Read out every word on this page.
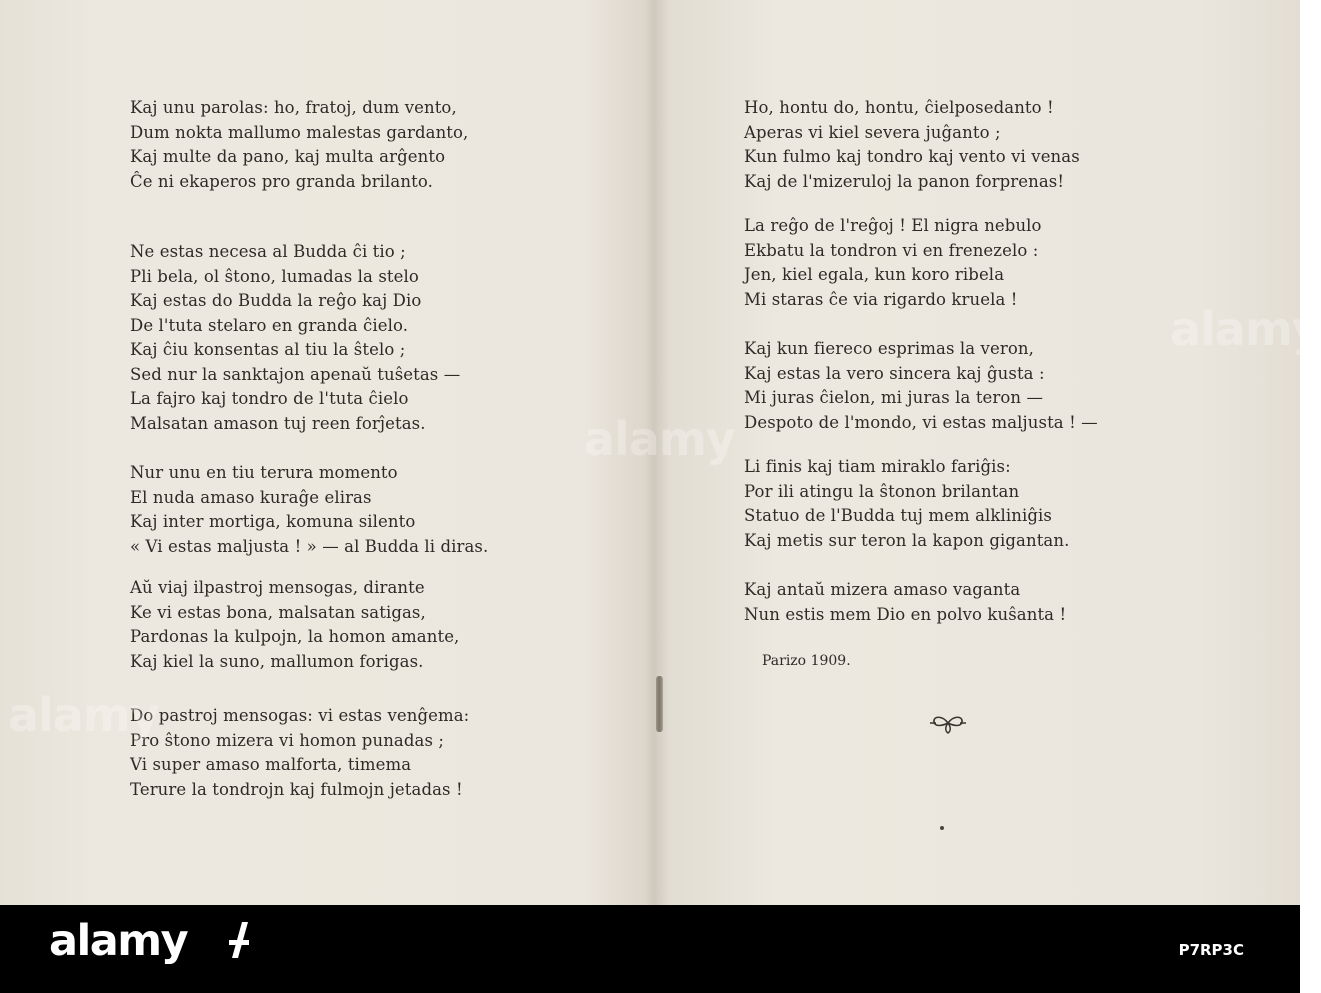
Kaj unu parolas: ho, fratoj, dum vento,
Dum nokta mallumo malestas gardanto,
Kaj multe da pano, kaj multa arĝento
Ĉe ni ekaperos pro granda brilanto.
Ne estas necesa al Budda ĉi tio ;
Pli bela, ol ŝtono, lumadas la stelo
Kaj estas do Budda la reĝo kaj Dio
De l'tuta stelaro en granda ĉielo.
Kaj ĉiu konsentas al tiu la ŝtelo ;
Sed nur la sanktajon apenaŭ tuŝetas —
La fajro kaj tondro de l'tuta ĉielo
Malsatan amason tuj reen forĵetas.
Nur unu en tiu terura momento
El nuda amaso kuraĝe eliras
Kaj inter mortiga, komuna silento
« Vi estas maljusta ! » — al Budda li diras.
Aŭ viaj ilpastroj mensogas, dirante
Ke vi estas bona, malsatan satigas,
Pardonas la kulpojn, la homon amante,
Kaj kiel la suno, mallumon forigas.
Do pastroj mensogas: vi estas venĝema:
Pro ŝtono mizera vi homon punadas ;
Vi super amaso malforta, timema
Terure la tondrojn kaj fulmojn jetadas !
Ho, hontu do, hontu, ĉielposedanto !
Aperas vi kiel severa juĝanto ;
Kun fulmo kaj tondro kaj vento vi venas
Kaj de l'mizeruloj la panon forprenas!
La reĝo de l'reĝoj ! El nigra nebulo
Ekbatu la tondron vi en frenezelo :
Jen, kiel egala, kun koro ribela
Mi staras ĉe via rigardo kruela !
Kaj kun fiereco esprimas la veron,
Kaj estas la vero sincera kaj ĝusta :
Mi juras ĉielon, mi juras la teron —
Despoto de l'mondo, vi estas maljusta ! —
Li finis kaj tiam miraklo fariĝis:
Por ili atingu la ŝtonon brilantan
Statuo de l'Budda tuj mem alkliniĝis
Kaj metis sur teron la kapon gigantan.
Kaj antaŭ mizera amaso vaganta
Nun estis mem Dio en polvo kuŝanta !
Parizo 1909.
alamy
alamy
alamy
alamy	P7RP3C
